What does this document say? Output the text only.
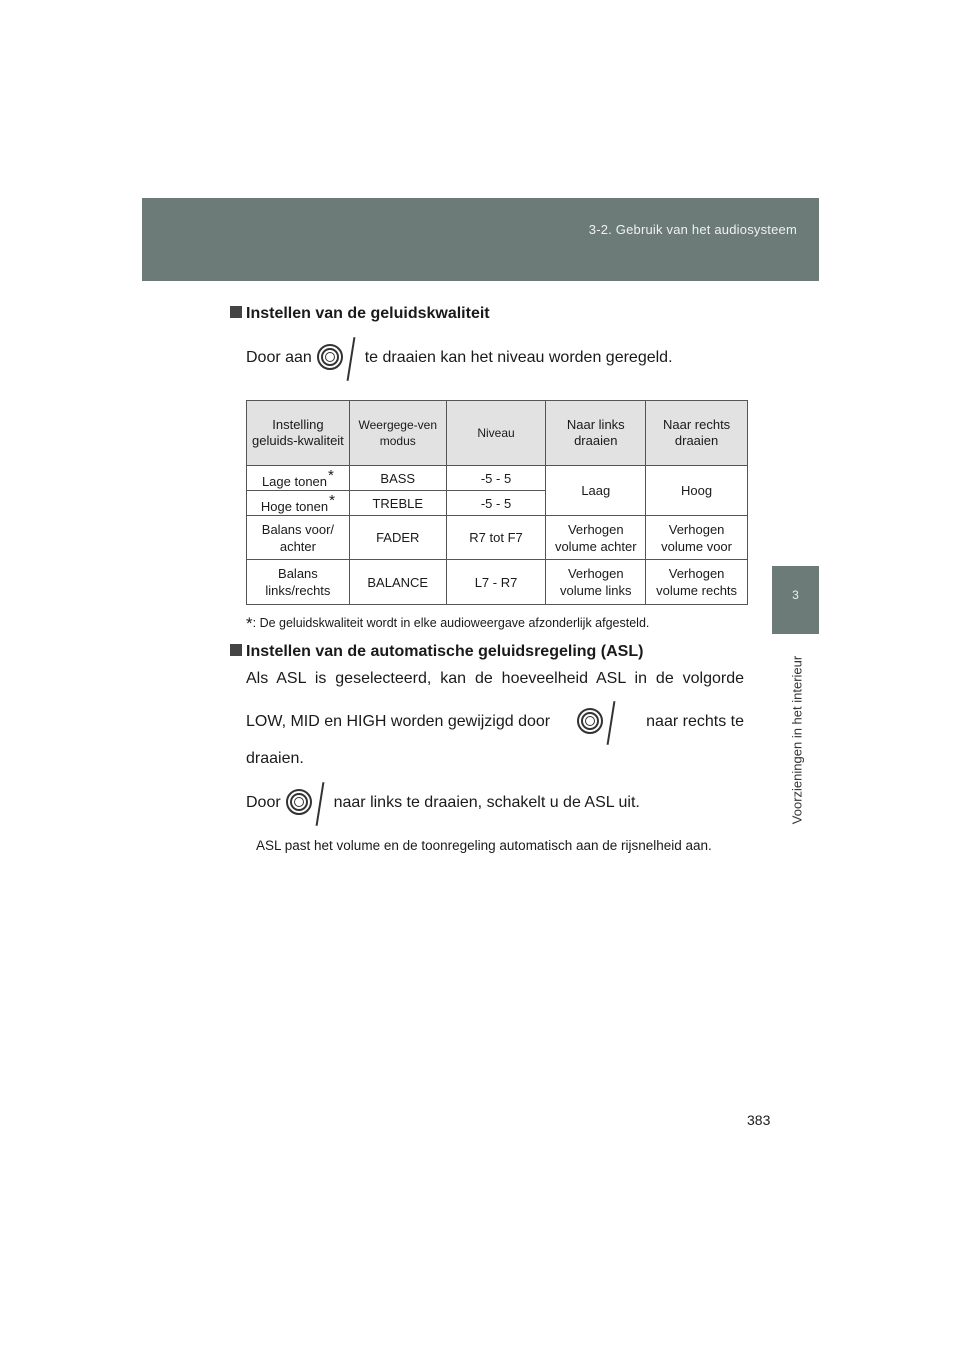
3-2. Gebruik van het audiosysteem
3
Voorzieningen in het interieur
Instellen van de geluidskwaliteit
Door aan	te draaien kan het niveau worden geregeld.
Instelling geluids-kwaliteit	Weergege-ven modus	Niveau	Naar links draaien	Naar rechts draaien
Lage tonen*	BASS	-5 - 5	Laag	Hoog
Hoge tonen*	TREBLE	-5 - 5		
Balans voor/ achter	FADER	R7 tot F7	Verhogen volume achter	Verhogen volume voor
Balans links/rechts	BALANCE	L7 - R7	Verhogen volume links	Verhogen volume rechts
*: De geluidskwaliteit wordt in elke audioweergave afzonderlijk afgesteld.
Instellen van de automatische geluidsregeling (ASL)
Als ASL is geselecteerd, kan de hoeveelheid ASL in de volgorde
LOW, MID en HIGH worden gewijzigd door	naar rechts te
draaien.
Door	naar links te draaien, schakelt u de ASL uit.
ASL past het volume en de toonregeling automatisch aan de rijsnelheid aan.
383
